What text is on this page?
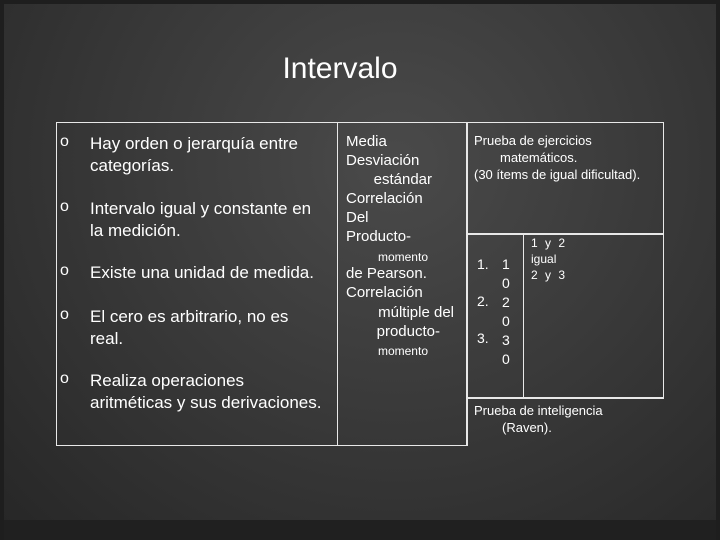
Intervalo
o Hay orden o jerarquía entre
categorías.
o Intervalo igual y constante en
la medición.
o Existe una unidad de medida.
o El cero es arbitrario, no es
real.
o Realiza operaciones
aritméticas y sus derivaciones.
Media
Desviación
estándar
Correlación
Del
Producto-
momento
de Pearson.
Correlación
múltiple del
producto-
momento
Prueba de ejercicios
matemáticos.
(30 ítems de igual dificultad).
1.
2.
3.
1
0
2
0
3
0
1 y 2
igual
2 y 3
Prueba de inteligencia
(Raven).
